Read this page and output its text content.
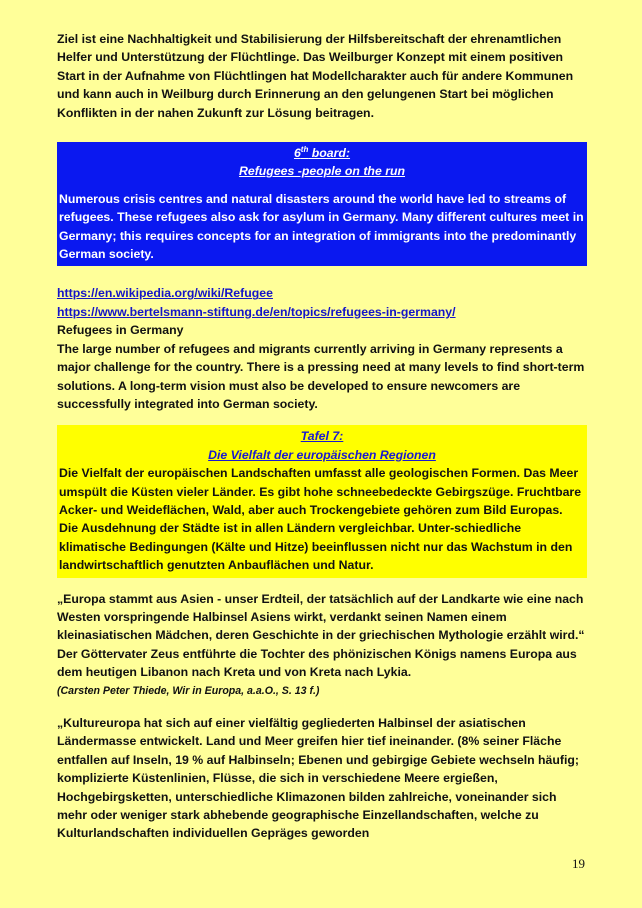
Ziel ist eine Nachhaltigkeit und Stabilisierung der Hilfsbereitschaft der ehrenamtlichen Helfer und Unterstützung der Flüchtlinge. Das Weilburger Konzept mit einem positiven Start in der Aufnahme von Flüchtlingen hat Modellcharakter auch für andere Kommunen und kann auch in Weilburg durch Erinnerung an den gelungenen Start bei möglichen Konflikten in der nahen Zukunft zur Lösung beitragen.

6th board:
Refugees -people on the run

Numerous crisis centres and natural disasters around the world have led to streams of refugees. These refugees also ask for asylum in Germany. Many different cultures meet in Germany; this requires concepts for an integration of immigrants into the predominantly German society.

https://en.wikipedia.org/wiki/Refugee
https://www.bertelsmann-stiftung.de/en/topics/refugees-in-germany/

Refugees in Germany

The large number of refugees and migrants currently arriving in Germany represents a major challenge for the country. There is a pressing need at many levels to find short-term solutions. A long-term vision must also be developed to ensure newcomers are successfully integrated into German society.

Tafel 7:
Die Vielfalt der europäischen Regionen

Die Vielfalt der europäischen Landschaften umfasst alle geologischen Formen. Das Meer umspült die Küsten vieler Länder. Es gibt hohe schneebedeckte Gebirgszüge. Fruchtbare Acker- und Weideflächen, Wald, aber auch Trockengebiete gehören zum Bild Europas. Die Ausdehnung der Städte ist in allen Ländern vergleichbar. Unter-schiedliche klimatische Bedingungen (Kälte und Hitze) beeinflussen nicht nur das Wachstum in den landwirtschaftlich genutzten Anbauflächen und Natur.

„Europa stammt aus Asien - unser Erdteil, der tatsächlich auf der Landkarte wie eine nach Westen vorspringende Halbinsel Asiens wirkt, verdankt seinen Namen einem kleinasiatischen Mädchen, deren Geschichte in der griechischen Mythologie erzählt wird.“ Der Göttervater Zeus entführte die Tochter des phönizischen Königs namens Europa aus dem heutigen Libanon nach Kreta und von Kreta nach Lykia.

(Carsten Peter Thiede, Wir in Europa, a.a.O., S. 13 f.)

„Kultureuropa hat sich auf einer vielfältig gegliederten Halbinsel der asiatischen Ländermasse entwickelt. Land und Meer greifen hier tief ineinander. (8% seiner Fläche entfallen auf Inseln, 19 % auf Halbinseln; Ebenen und gebirgige Gebiete wechseln häufig; komplizierte Küstenlinien, Flüsse, die sich in verschiedene Meere ergießen, Hochgebirgsketten, unterschiedliche Klimazonen bilden zahlreiche, voneinander sich mehr oder weniger stark abhebende geographische Einzellandschaften, welche zu Kulturlandschaften individuellen Gepräges geworden

19
